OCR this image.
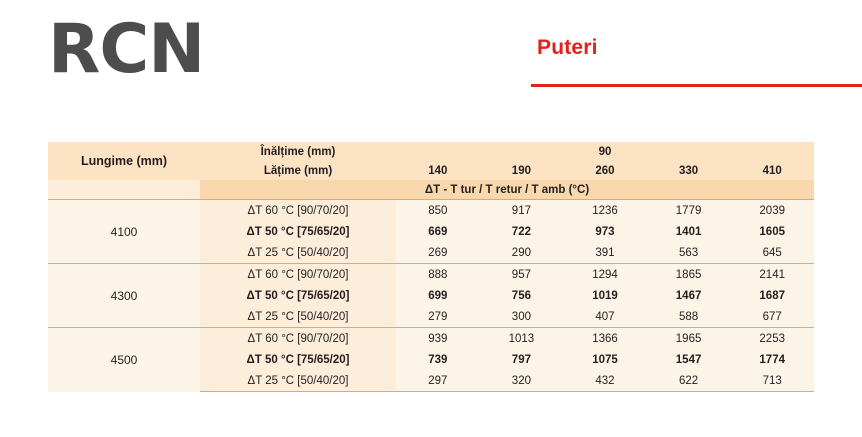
RCN	Puteri
Lungime (mm)	Înălțime (mm)	90				
	Lățime (mm)	140	190	260	330	410
	ΔT - T tur / T retur / T amb (°C)					
4100	ΔT 60 °C [90/70/20]	850	917	1236	1779	2039
	ΔT 50 °C [75/65/20]	669	722	973	1401	1605
	ΔT 25 °C [50/40/20]	269	290	391	563	645
4300	ΔT 60 °C [90/70/20]	888	957	1294	1865	2141
	ΔT 50 °C [75/65/20]	699	756	1019	1467	1687
	ΔT 25 °C [50/40/20]	279	300	407	588	677
4500	ΔT 60 °C [90/70/20]	939	1013	1366	1965	2253
	ΔT 50 °C [75/65/20]	739	797	1075	1547	1774
	ΔT 25 °C [50/40/20]	297	320	432	622	713
